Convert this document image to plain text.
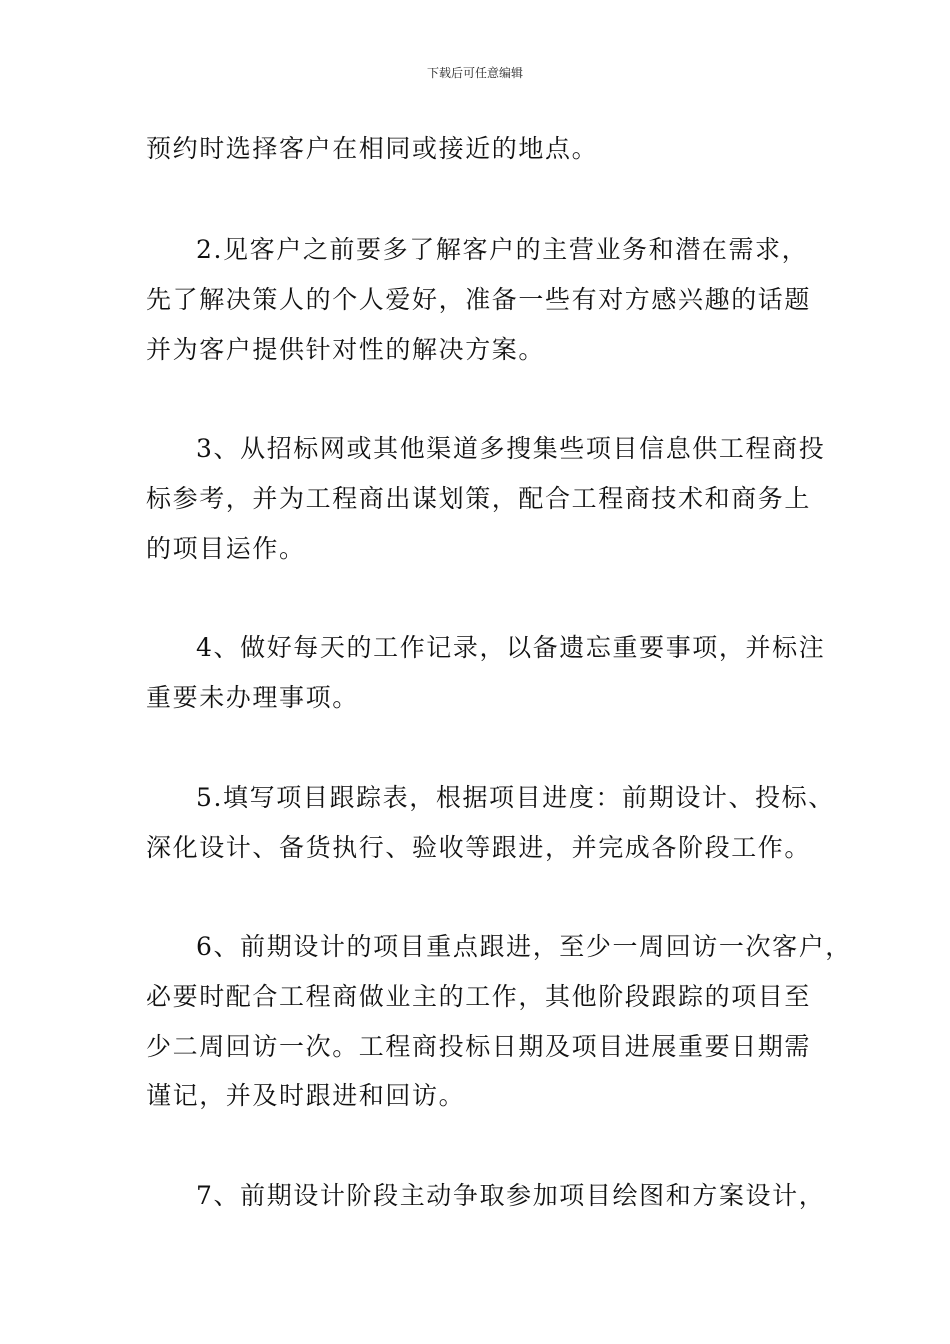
下载后可任意编辑
预约时选择客户在相同或接近的地点。
2.见客户之前要多了解客户的主营业务和潜在需求，
先了解决策人的个人爱好，准备一些有对方感兴趣的话题
并为客户提供针对性的解决方案。
3、从招标网或其他渠道多搜集些项目信息供工程商投
标参考，并为工程商出谋划策，配合工程商技术和商务上
的项目运作。
4、做好每天的工作记录，以备遗忘重要事项，并标注
重要未办理事项。
5.填写项目跟踪表，根据项目进度：前期设计、投标、
深化设计、备货执行、验收等跟进，并完成各阶段工作。
6、前期设计的项目重点跟进，至少一周回访一次客户，
必要时配合工程商做业主的工作，其他阶段跟踪的项目至
少二周回访一次。工程商投标日期及项目进展重要日期需
谨记，并及时跟进和回访。
7、前期设计阶段主动争取参加项目绘图和方案设计，
